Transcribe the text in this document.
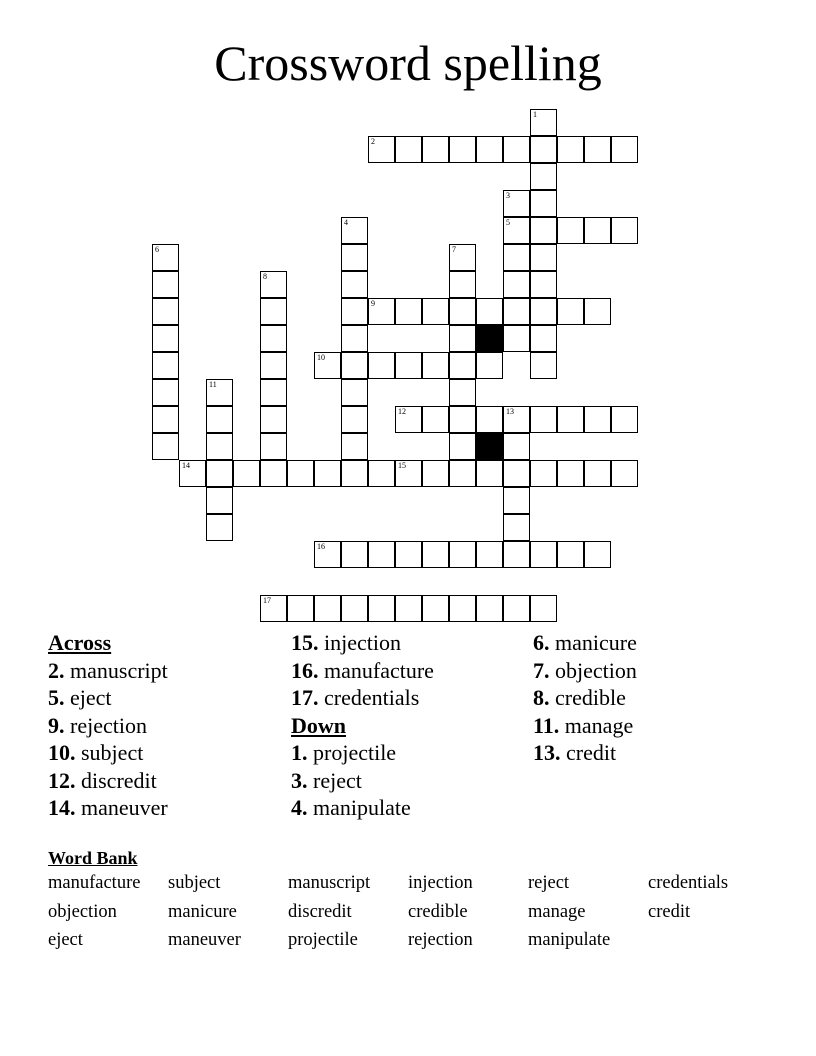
Crossword spelling
2
5
9
10
12	13
14	15
16
17
1
3
4
6	7
8
11
Across
2. manuscript
5. eject
9. rejection
10. subject
12. discredit
14. maneuver
15. injection
16. manufacture
17. credentials
Down
1. projectile
3. reject
4. manipulate
6. manicure
7. objection
8. credible
11. manage
13. credit
Word Bank
manufacture	subject	manuscript	injection	reject	credentials
objection	manicure	discredit	credible	manage	credit
eject	maneuver	projectile	rejection	manipulate
